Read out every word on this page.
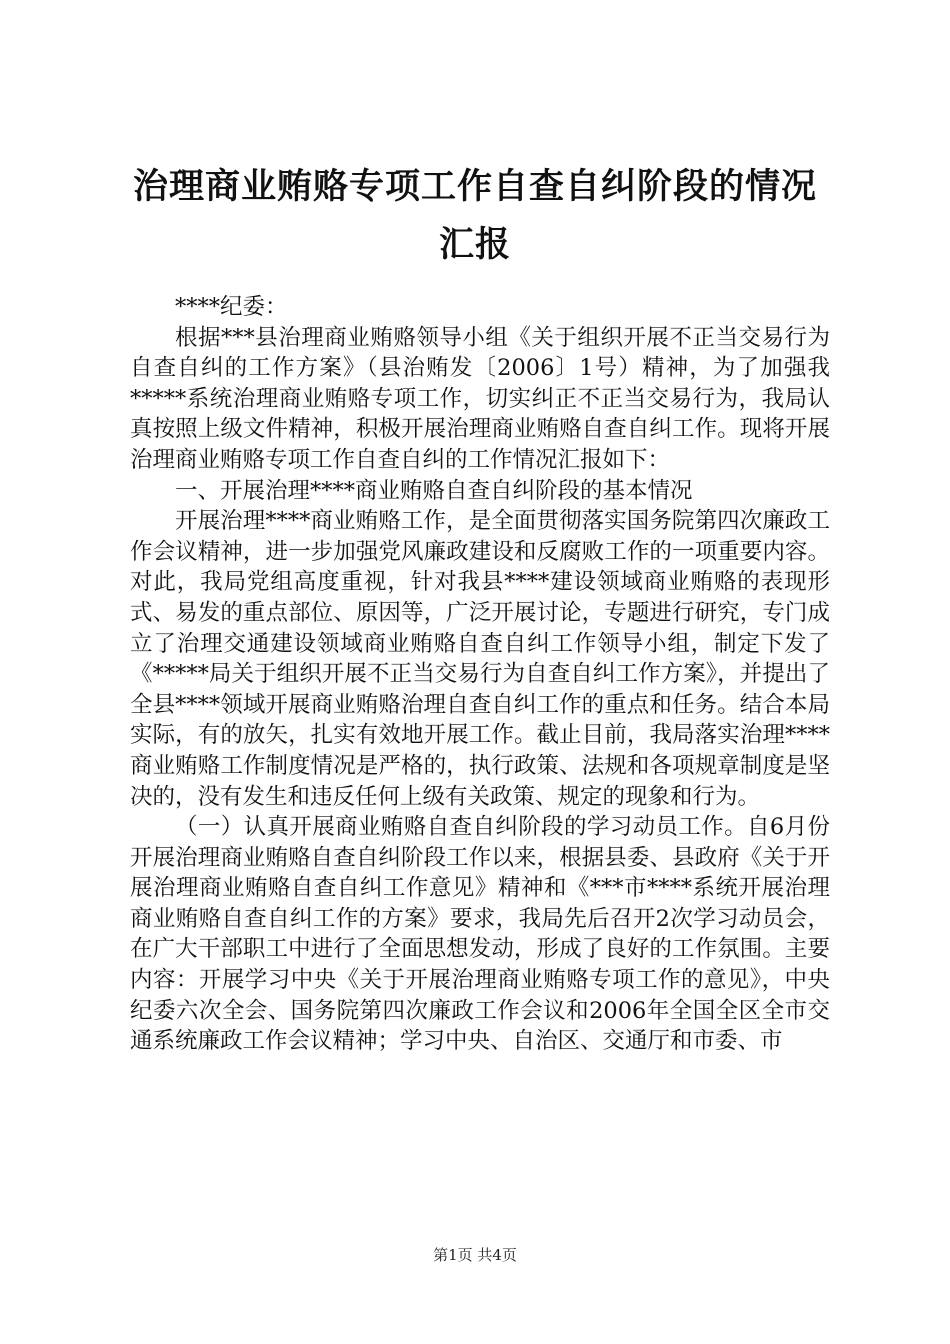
治理商业贿赂专项工作自查自纠阶段的情况汇报

****纪委：

根据***县治理商业贿赂领导小组《关于组织开展不正当交易行为自查自纠的工作方案》（县治贿发〔2006〕1号）精神，为了加强我*****系统治理商业贿赂专项工作，切实纠正不正当交易行为，我局认真按照上级文件精神，积极开展治理商业贿赂自查自纠工作。现将开展治理商业贿赂专项工作自查自纠的工作情况汇报如下：

一、开展治理****商业贿赂自查自纠阶段的基本情况

开展治理****商业贿赂工作，是全面贯彻落实国务院第四次廉政工作会议精神，进一步加强党风廉政建设和反腐败工作的一项重要内容。对此，我局党组高度重视，针对我县****建设领域商业贿赂的表现形式、易发的重点部位、原因等，广泛开展讨论，专题进行研究，专门成立了治理交通建设领域商业贿赂自查自纠工作领导小组，制定下发了《*****局关于组织开展不正当交易行为自查自纠工作方案》，并提出了全县****领域开展商业贿赂治理自查自纠工作的重点和任务。结合本局实际，有的放矢，扎实有效地开展工作。截止目前，我局落实治理****商业贿赂工作制度情况是严格的，执行政策、法规和各项规章制度是坚决的，没有发生和违反任何上级有关政策、规定的现象和行为。

（一）认真开展商业贿赂自查自纠阶段的学习动员工作。自6月份开展治理商业贿赂自查自纠阶段工作以来，根据县委、县政府《关于开展治理商业贿赂自查自纠工作意见》精神和《***市****系统开展治理商业贿赂自查自纠工作的方案》要求，我局先后召开2次学习动员会，在广大干部职工中进行了全面思想发动，形成了良好的工作氛围。主要内容：开展学习中央《关于开展治理商业贿赂专项工作的意见》，中央纪委六次全会、国务院第四次廉政工作会议和2006年全国全区全市交通系统廉政工作会议精神；学习中央、自治区、交通厅和市委、市

第1页 共4页
